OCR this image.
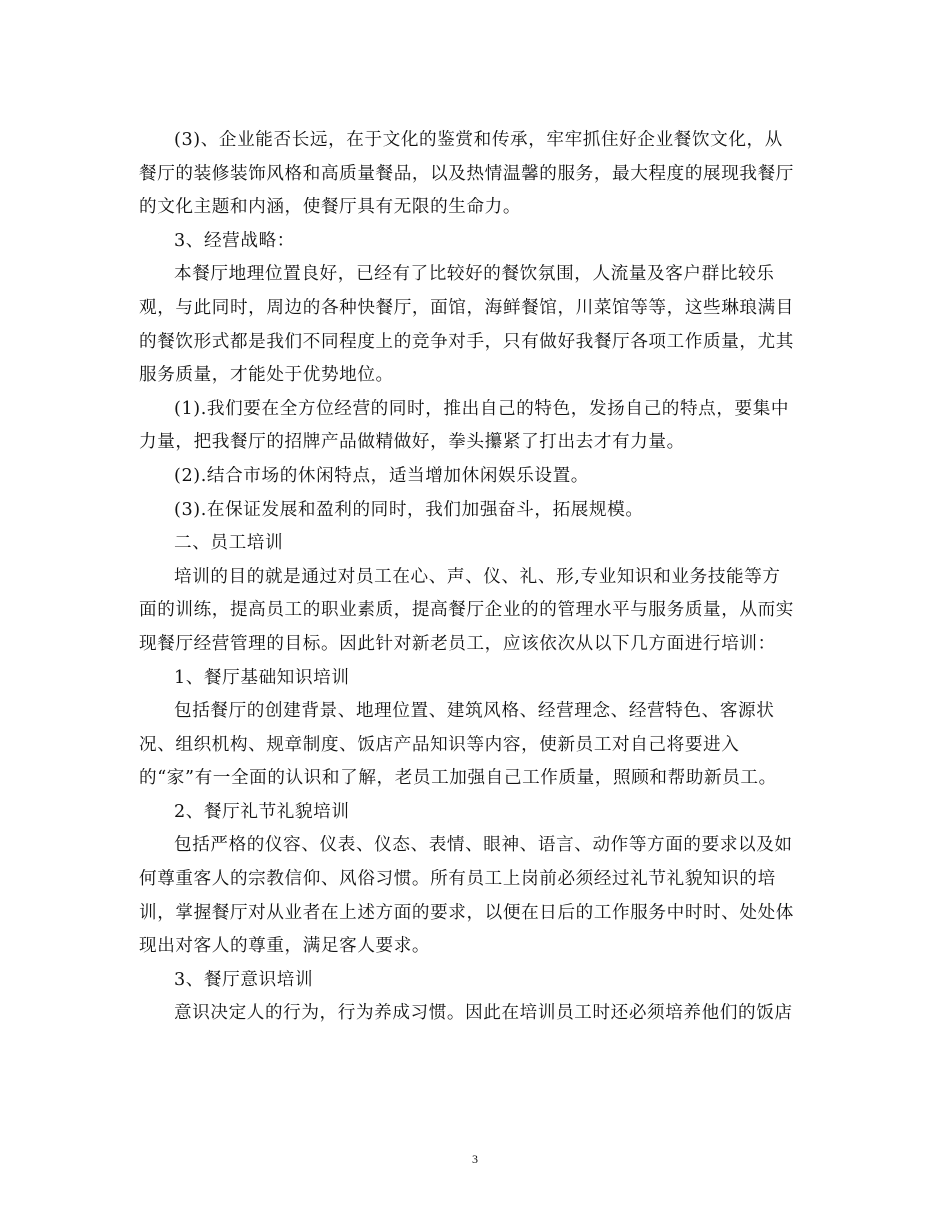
(3)、企业能否长远，在于文化的鉴赏和传承，牢牢抓住好企业餐饮文化，从
餐厅的装修装饰风格和高质量餐品，以及热情温馨的服务，最大程度的展现我餐厅
的文化主题和内涵，使餐厅具有无限的生命力。
3、经营战略：
本餐厅地理位置良好，已经有了比较好的餐饮氛围，人流量及客户群比较乐
观，与此同时，周边的各种快餐厅，面馆，海鲜餐馆，川菜馆等等，这些琳琅满目
的餐饮形式都是我们不同程度上的竞争对手，只有做好我餐厅各项工作质量，尤其
服务质量，才能处于优势地位。
(1).我们要在全方位经营的同时，推出自己的特色，发扬自己的特点，要集中
力量，把我餐厅的招牌产品做精做好，拳头攥紧了打出去才有力量。
(2).结合市场的休闲特点，适当增加休闲娱乐设置。
(3).在保证发展和盈利的同时，我们加强奋斗，拓展规模。
二、员工培训
培训的目的就是通过对员工在心、声、仪、礼、形,专业知识和业务技能等方
面的训练，提高员工的职业素质，提高餐厅企业的的管理水平与服务质量，从而实
现餐厅经营管理的目标。因此针对新老员工，应该依次从以下几方面进行培训：
1、餐厅基础知识培训
包括餐厅的创建背景、地理位置、建筑风格、经营理念、经营特色、客源状
况、组织机构、规章制度、饭店产品知识等内容，使新员工对自己将要进入
的“家”有一全面的认识和了解，老员工加强自己工作质量，照顾和帮助新员工。
2、餐厅礼节礼貌培训
包括严格的仪容、仪表、仪态、表情、眼神、语言、动作等方面的要求以及如
何尊重客人的宗教信仰、风俗习惯。所有员工上岗前必须经过礼节礼貌知识的培
训，掌握餐厅对从业者在上述方面的要求，以便在日后的工作服务中时时、处处体
现出对客人的尊重，满足客人要求。
3、餐厅意识培训
意识决定人的行为，行为养成习惯。因此在培训员工时还必须培养他们的饭店
3
